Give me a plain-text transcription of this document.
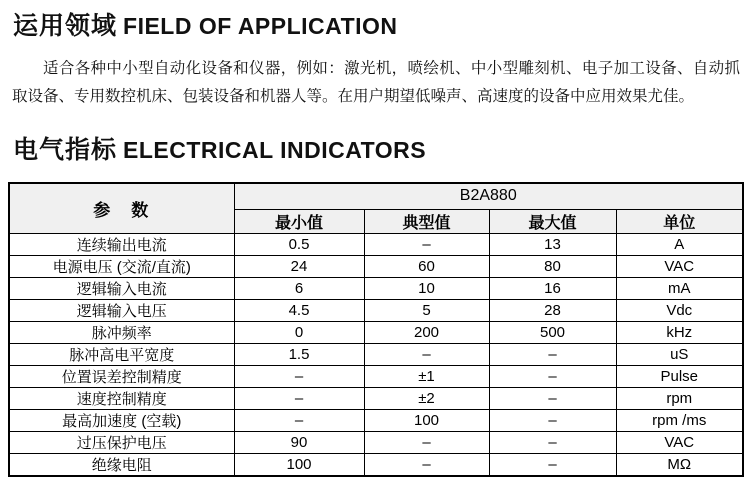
运用领域 FIELD OF APPLICATION

适合各种中小型自动化设备和仪器，例如：激光机，喷绘机、中小型雕刻机、电子加工设备、自动抓取设备、专用数控机床、包装设备和机器人等。在用户期望低噪声、高速度的设备中应用效果尤佳。

电气指标 ELECTRICAL INDICATORS
参　数	B2A880			
	最小值	典型值	最大值	单位
连续输出电流	0.5	–	13	A
电源电压 (交流/直流)	24	60	80	VAC
逻辑输入电流	6	10	16	mA
逻辑输入电压	4.5	5	28	Vdc
脉冲频率	0	200	500	kHz
脉冲高电平宽度	1.5	–	–	uS
位置误差控制精度	–	±1	–	Pulse
速度控制精度	–	±2	–	rpm
最高加速度 (空载)	–	100	–	rpm /ms
过压保护电压	90	–	–	VAC
绝缘电阻	100	–	–	MΩ
